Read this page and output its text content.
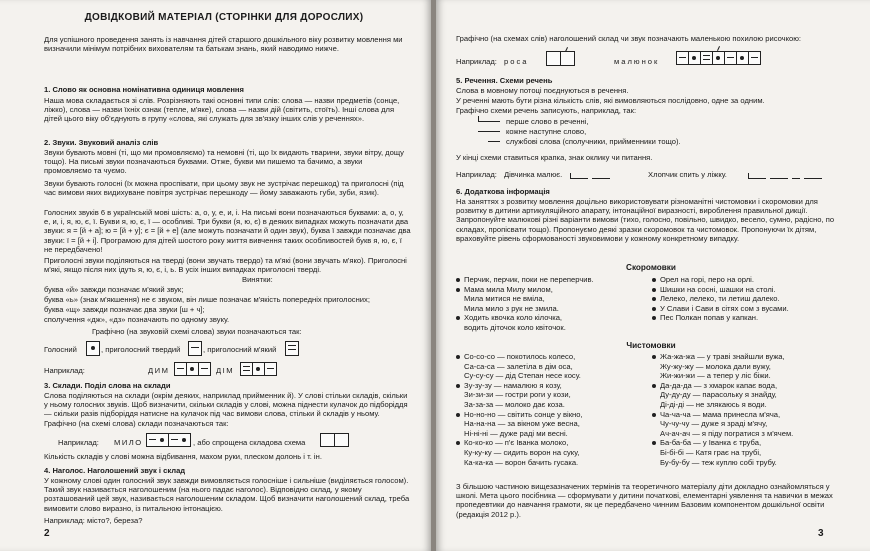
ДОВІДКОВИЙ МАТЕРІАЛ (СТОРІНКИ ДЛЯ ДОРОСЛИХ)
Для успішного проведення занять із навчання дітей старшого дошкільного віку розвитку мовлення ми визначили мінімум потрібних вихователям та батькам знань, який наводимо нижче.
1. Слово як основна номінативна одиниця мовлення
Наша мова складається зі слів. Розрізняють такі основні типи слів: слова — назви предметів (сонце, ліжко), слова — назви їхніх ознак (тепле, м'яке), слова — назви дій (світить, стоїть). Інші слова для дітей цього віку об'єднують в групу «слова, які служать для зв'язку інших слів у реченнях».
2. Звуки. Звуковий аналіз слів
Звуки бувають мовні (ті, що ми промовляємо) та немовні (ті, що їх видають тварини, звуки вітру, дощу тощо). На письмі звуки позначаються буквами. Отже, букви ми пишемо та бачимо, а звуки промовляємо та чуємо.
Звуки бувають голосні (їх можна проспівати, при цьому звук не зустрічає перешкод) та приголосні (під час вимови яких видихуване повітря зустрічає перешкоду — йому заважають губи, зуби, язик).
Голосних звуків 6 в українській мові шість: а, о, у, е, и, і. На письмі вони позначаються буквами: а, о, у, е, и, і, я, ю, є, ї. Букви я, ю, є, ї — особливі. Три букви (я, ю, є) в деяких випадках можуть позначати два звуки: я = [й + а]; ю = [й + у]; є = [й + е] (але можуть позначати й один звук), буква ї завжди позначає два звуки: ї = [й + і]. Програмою для дітей шостого року життя вивчення таких особливостей букв я, ю, є, ї не передбачено!
Приголосні звуки поділяються на тверді (вони звучать твердо) та м'які (вони звучать м'яко). Приголосні м'які, якщо після них ідуть я, ю, є, і, ь. В усіх інших випадках приголосні тверді.
Винятки:
буква «й» завжди позначає м'який звук;
буква «ь» (знак м'якшення) не є звуком, він лише позначає м'якість попередніх приголосних;
буква «щ» завжди позначає два звуки [ш + ч];
сполучення «дж», «дз» позначають по одному звуку.
Графічно (на звуковій схемі слова) звуки позначаються так:
Голосний	, приголосний твердий	, приголосний м'який
Наприклад:	ДИМ	ДІМ
3. Склади. Поділ слова на склади
Слова поділяються на склади (окрім деяких, наприклад прийменник й). У слові стільки складів, скільки у ньому голосних звуків. Щоб визначити, скільки складів у слові, можна піднести кулачок до підборіддя — скільки разів підборіддя натисне на кулачок під час вимови слова, стільки й складів у ньому. Графічно (на схемі слова) склади позначаються так:
Наприклад: МИЛО	, або спрощена складова схема
Кількість складів у слові можна відбивання, махом руки, плеском долонь і т. ін.
4. Наголос. Наголошений звук і склад
У кожному слові один голосний звук завжди вимовляється голосніше і сильніше (виділяється голосом). Такий звук називається наголошеним (на нього падає наголос). Відповідно склад, у якому розташований цей звук, називається наголошеним складом. Щоб визначити наголошений склад, треба вимовити слово виразно, із питальною інтонацією.
Наприклад: місто?, береза?
2
Графічно (на схемах слів) наголошений склад чи звук позначають маленькою похилою рисочкою:
Наприклад: роса	малюнок
5. Речення. Схеми речень
Слова в мовному потоці поєднуються в речення.
У реченні мають бути різна кількість слів, які вимовляються послідовно, одне за одним.
Графічно схеми речень записують, наприклад, так:
перше слово в реченні,
кожне наступне слово,
службові слова (сполучники, прийменники тощо).
У кінці схеми ставиться крапка, знак оклику чи питання.
Наприклад: Дівчинка малює.	Хлопчик спить у ліжку.
6. Додаткова інформація
На заняттях з розвитку мовлення доцільно використовувати різноманітні чистомовки і скоромовки для розвитку в дитини артикуляційного апарату, інтонаційної виразності, вироблення правильної дикції. Запропонуйте малюкові різні варіанти вимови (тихо, голосно, повільно, швидко, весело, сумно, радісно, по складах, пропісвати тощо). Пропонуємо деякі зразки скоромовок та чистомовок. Пропонуючи їх дітям, враховуйте рівень сформованості звуковимови у кожному конкретному випадку.
Скоромовки
Перчик, перчик, поки не переперчив.
Мама мила Милу милом,
Мила митися не вміла,
Мила мило з рук не змила.
Ходить квочка коло кілочка,
водить діточок коло квіточок.
Орел на горі, перо на орлі.
Шишки на сосні, шашки на столі.
Лелеко, лелеко, ти летиш далеко.
У Слави і Сави в сітях сом з вусами.
Пес Полкан попав у капкан.
Чистомовки
Со-со-со — покотилось колесо,
Са-са-са — залетіла в дім оса,
Су-су-су — дід Степан несе косу.
Зу-зу-зу — намалюю я козу,
Зи-зи-зи — гостри роги у кози,
За-за-за — молоко дає коза.
Но-но-но — світить сонце у вікно,
На-на-на — за вікном уже весна,
Ні-ні-ні — дуже раді ми весні.
Ко-ко-ко — п'є Іванка молоко,
Ку-ку-ку — сидить ворон на суку,
Ка-ка-ка — ворон бачить гусака.
Жа-жа-жа — у траві знайшли вужа,
Жу-жу-жу — молока дали вужу,
Жи-жи-жи — а тепер у ліс біжи.
Да-да-да — з хмарок капає вода,
Ду-ду-ду — парасольку я знайду,
Ді-ді-ді — не злякаюсь я води.
Ча-ча-ча — мама принесла м'яча,
Чу-чу-чу — дуже я зраді м'ячу,
Ач-ач-ач — я піду погратися з м'ячем.
Ба-ба-ба — у Іванка є труба,
Бі-бі-бі — Катя грає на трубі,
Бу-бу-бу — теж куплю собі трубу.
З більшою частиною вищезазначених термінів та теоретичного матеріалу діти докладно ознайомляться у школі. Мета цього посібника — сформувати у дитини початкові, елементарні уявлення та навички в межах пропедевтики до навчання грамоти, як це передбачено чинним Базовим компонентом дошкільної освіти (редакція 2012 р.).
3
